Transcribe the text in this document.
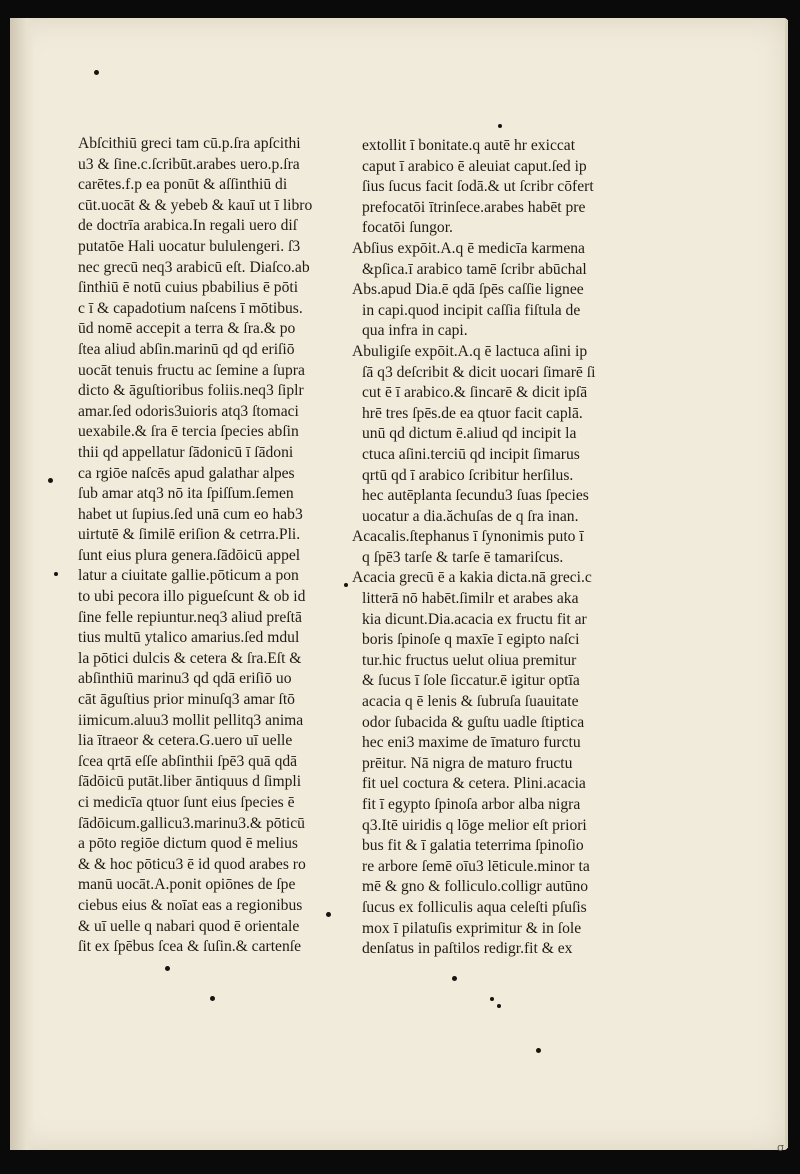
Abſcithiū greci tam cū.p.ſra apſcithi
u3 & ſine.c.ſcribūt.arabes uero.p.ſra
carētes.f.p ea ponūt & aſſinthiū di
cūt.uocāt & & yebeb & kauī ut ī libro
de doctrīa arabica.In regali uero diſ
putatōe Hali uocatur bululengeri. ſ3
nec grecū neq3 arabicū eſt. Diaſco.ab
ſinthiū ē notū cuius pbabilius ē pōti
c ī & capadotium naſcens ī mōtibus.
ūd nomē accepit a terra & ſra.& po
ſtea aliud abſin.marinū qd qd eriſiō
uocāt tenuis fructu ac ſemine a ſupra
dicto & āguſtioribus foliis.neq3 ſiplr
amar.ſed odoris3uioris atq3 ſtomaci
uexabile.& ſra ē tercia ſpecies abſin
thii qd appellatur ſādonicū ī ſādoni
ca rgiōe naſcēs apud galathar alpes
ſub amar atq3 nō ita ſpiſſum.ſemen
habet ut ſupius.ſed unā cum eo hab3
uirtutē & ſimilē eriſion & cetrra.Pli.
ſunt eius plura genera.ſādōicū appel
latur a ciuitate gallie.pōticum a pon
to ubi pecora illo pigueſcunt & ob id
ſine felle repiuntur.neq3 aliud preſtā
tius multū ytalico amarius.ſed mdul
la pōtici dulcis & cetera & ſra.Eſt &
abſinthiū marinu3 qd qdā eriſiō uo
cāt āguſtius prior minuſq3 amar ſtō
iimicum.aluu3 mollit pellitq3 anima
lia ītraeor & cetera.G.uero uī uelle
ſcea qrtā eſſe abſinthii ſpē3 quā qdā
ſādōicū putāt.liber āntiquus d ſimpli
ci medicīa qtuor ſunt eius ſpecies ē
ſādōicum.gallicu3.marinu3.& pōticū
a pōto regiōe dictum quod ē melius
& & hoc pōticu3 ē id quod arabes ro
manū uocāt.A.ponit opiōnes de ſpe
ciebus eius & noīat eas a regionibus
& uī uelle q nabari quod ē orientale
ſit ex ſpēbus ſcea & ſuſin.& cartenſe
extollit ī bonitate.q autē hr exiccat
caput ī arabico ē aleuiat caput.ſed ip
ſius ſucus facit ſodā.& ut ſcribr cōfert
prefocatōi ītrinſece.arabes habēt pre
focatōi ſungor.
Abſius expōit.A.q ē medicīa karmena
&pſica.ī arabico tamē ſcribr abūchal
Abs.apud Dia.ē qdā ſpēs caſſie lignee
in capi.quod incipit caſſia fiſtula de
qua infra in capi.
Abuligiſe expōit.A.q ē lactuca aſini ip
ſā q3 deſcribit & dicit uocari ſimarē ſi
cut ē ī arabico.& ſincarē & dicit ipſā
hrē tres ſpēs.de ea qtuor facit caplā.
unū qd dictum ē.aliud qd incipit la
ctuca aſini.terciū qd incipit ſimarus
qrtū qd ī arabico ſcribitur herſilus.
hec autēplanta ſecundu3 ſuas ſpecies
uocatur a dia.ăchuſas de q ſra inan.
Acacalis.ſtephanus ī ſynonimis puto ī
q ſpē3 tarſe & tarſe ē tamariſcus.
Acacia grecū ē a kakia dicta.nā greci.c
litterā nō habēt.ſimilr et arabes aka
kia dicunt.Dia.acacia ex fructu fit ar
boris ſpinoſe q maxīe ī egipto naſci
tur.hic fructus uelut oliua premitur
& ſucus ī ſole ſiccatur.ē igitur optīa
acacia q ē lenis & ſubruſa ſuauitate
odor ſubacida & guſtu uadle ſtiptica
hec eni3 maxime de īmaturo furctu
prēitur. Nā nigra de maturo fructu
fit uel coctura & cetera. Plini.acacia
fit ī egypto ſpinoſa arbor alba nigra
q3.Itē uiridis q lōge melior eſt priori
bus fit & ī galatia teterrima ſpinoſio
re arbore ſemē oīu3 lēticule.minor ta
mē & gno & folliculo.colligr autūno
ſucus ex folliculis aqua celeſti pſuſis
mox ī pilatuſis exprimitur & in ſole
denſatus in paſtilos redigr.fit & ex
σ
